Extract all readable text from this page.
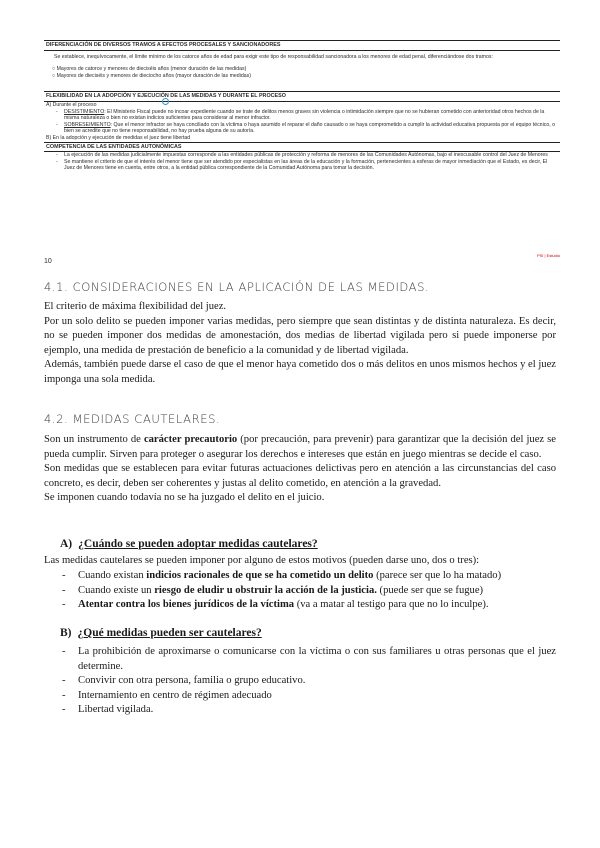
DIFERENCIACIÓN DE DIVERSOS TRAMOS A EFECTOS PROCESALES Y SANCIONADORES
Se establece, inequívocamente, el límite mínimo de los catorce años de edad para exigir este tipo de responsabilidad sancionadora a los menores de edad penal, diferenciándose dos tramos:
○ Mayores de catorce y menores de dieciséis años (menor duración de las medidas)
○ Mayores de dieciséis y menores de dieciocho años (mayor duración de las medidas)
FLEXIBILIDAD EN LA ADOPCIÓN Y EJECUCIÓN DE LAS MEDIDAS Y DURANTE EL PROCESO
A) Durante el proceso
- DESISTIMIENTO: El Ministerio Fiscal puede no incoar expediente cuando se trate de delitos menos graves sin violencia o intimidación siempre que no se hubieran cometido con anterioridad otros hechos de la misma naturaleza o bien no existan indicios suficientes para considerar al menor infractor.
- SOBRESEIMIENTO: Que el menor infractor se haya conciliado con la víctima o haya asumido el reparar el daño causado o se haya comprometido a cumplir la actividad educativa propuesta por el equipo técnico, o bien se acredite que no tiene responsabilidad, no hay prueba alguna de su autoría.
B) En la adopción y ejecución de medidas el juez tiene libertad
COMPETENCIA DE LAS ENTIDADES AUTONÓMICAS
- La ejecución de las medidas judicialmente impuestas corresponde a las entidades públicas de protección y reforma de menores de las Comunidades Autónomas, bajo el inexcusable control del Juez de Menores
- Se mantiene el criterio de que el interés del menor tiene que ser atendido por especialistas en las áreas de la educación y la formación, pertenecientes a esferas de mayor inmediación que el Estado, es decir, El Juez de Menores tiene en cuenta, entre otros, a la entidad pública correspondiente de la Comunidad Autónoma para tomar la decisión.
PSI | Estudio
10
4.1. CONSIDERACIONES EN LA APLICACIÓN DE LAS MEDIDAS.

El criterio de máxima flexibilidad del juez.

Por un solo delito se pueden imponer varias medidas, pero siempre que sean distintas y de distinta naturaleza. Es decir, no se pueden imponer dos medidas de amonestación, dos medias de libertad vigilada pero si puede imponerse por ejemplo, una medida de prestación de beneficio a la comunidad y de libertad vigilada.

Además, también puede darse el caso de que el menor haya cometido dos o más delitos en unos mismos hechos y el juez imponga una sola medida.

4.2. MEDIDAS CAUTELARES.

Son un instrumento de carácter precautorio (por precaución, para prevenir) para garantizar que la decisión del juez se pueda cumplir. Sirven para proteger o asegurar los derechos e intereses que están en juego mientras se decide el caso.

Son medidas que se establecen para evitar futuras actuaciones delictivas pero en atención a las circunstancias del caso concreto, es decir, deben ser coherentes y justas al delito cometido, en atención a la gravedad.

Se imponen cuando todavía no se ha juzgado el delito en el juicio.

A) ¿Cuándo se pueden adoptar medidas cautelares?
Las medidas cautelares se pueden imponer por alguno de estos motivos (pueden darse uno, dos o tres):
- Cuando existan indicios racionales de que se ha cometido un delito (parece ser que lo ha matado)
- Cuando existe un riesgo de eludir u obstruir la acción de la justicia. (puede ser que se fugue)
- Atentar contra los bienes jurídicos de la víctima (va a matar al testigo para que no lo inculpe).
B) ¿Qué medidas pueden ser cautelares?
- La prohibición de aproximarse o comunicarse con la víctima o con sus familiares u otras personas que el juez determine.
- Convivir con otra persona, familia o grupo educativo.
- Internamiento en centro de régimen adecuado
- Libertad vigilada.
